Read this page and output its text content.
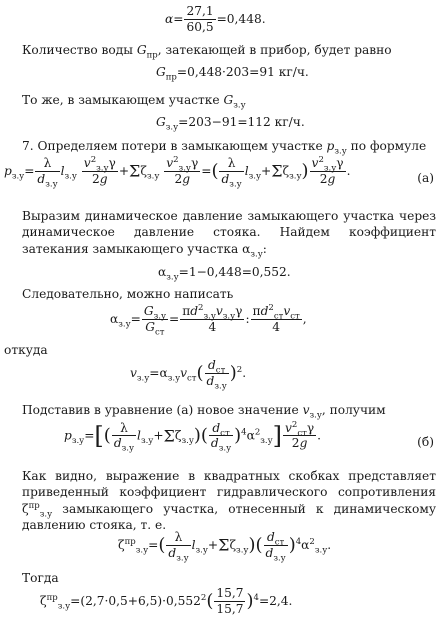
$\alpha= \frac{27,1}{60,5} =0,448$.
Количество воды $G_{пр}$, затекающей в прибор, будет равно
$G_{пр}=0,448\cdot 203=91$ кг/ч.
То же, в замыкающем участке $G_{з.у}$
$G_{з.у}=203-91=112$ кг/ч.
7. Определяем потери в замыкающем участке $p_{з.у}$ по формуле
$p_{з.у}= \frac{\lambda}{d_{з.у}} l_{з.у} \frac{v^2_{з.у}\gamma}{2g} +\Sigma\zeta_{з.у} \frac{v^2_{з.у}\gamma}{2g}$ =( $\frac{\lambda}{d_{з.у}} l_{з.у}+\Sigma\zeta_{з.у}) \frac{v^2_{з.у}\gamma}{2g}$ .
(а)
Выразим динамическое давление замыкающего участка через динамическое давление стояка. Найдем коэффициент затекания замыкающего участка $\alpha_{з.у}$:
$\alpha_{з.у}=1-0,448=0,552$.
Следовательно, можно написать
$\alpha_{з.у}= \frac{G_{з.у}}{G_{ст}} = \frac{\pi d^2_{з.у}v_{з.у}\gamma}{4}$ : $\frac{\pi d^2_{ст}v_{ст}}{4}$ ,
откуда
$v_{з.у}=\alpha_{з.у}v_{ст}( \frac{d_{ст}}{d_{з.у}} )^2$.
Подставив в уравнение (а) новое значение $v_{з.у}$, получим
$p_{з.у}=[( \frac{\lambda}{d_{з.у}} l_{з.у}+\Sigma\zeta_{з.у})( \frac{d_{ст}}{d_{з.у}} )^4\alpha^2_{з.у}] \frac{v^2_{ст}\gamma}{2g}$ .	(б)
Как видно, выражение в квадратных скобках представляет приведенный коэффициент гидравлического сопротивления $\zeta^{пр}_{з.у}$ замыкающего участка, отнесенный к динамическому давлению стояка, т. е.
$\zeta^{пр}_{з.у}=( \frac{\lambda}{d_{з.у}} l_{з.у}+\Sigma\zeta_{з.у})( \frac{d_{ст}}{d_{з.у}} )^4\alpha^2_{з.у}$.
Тогда
$\zeta^{пр}_{з.у}=(2,7\cdot 0,5+6,5)\cdot 0,552^2( \frac{15,7}{15,7} )^4=2,4$.
